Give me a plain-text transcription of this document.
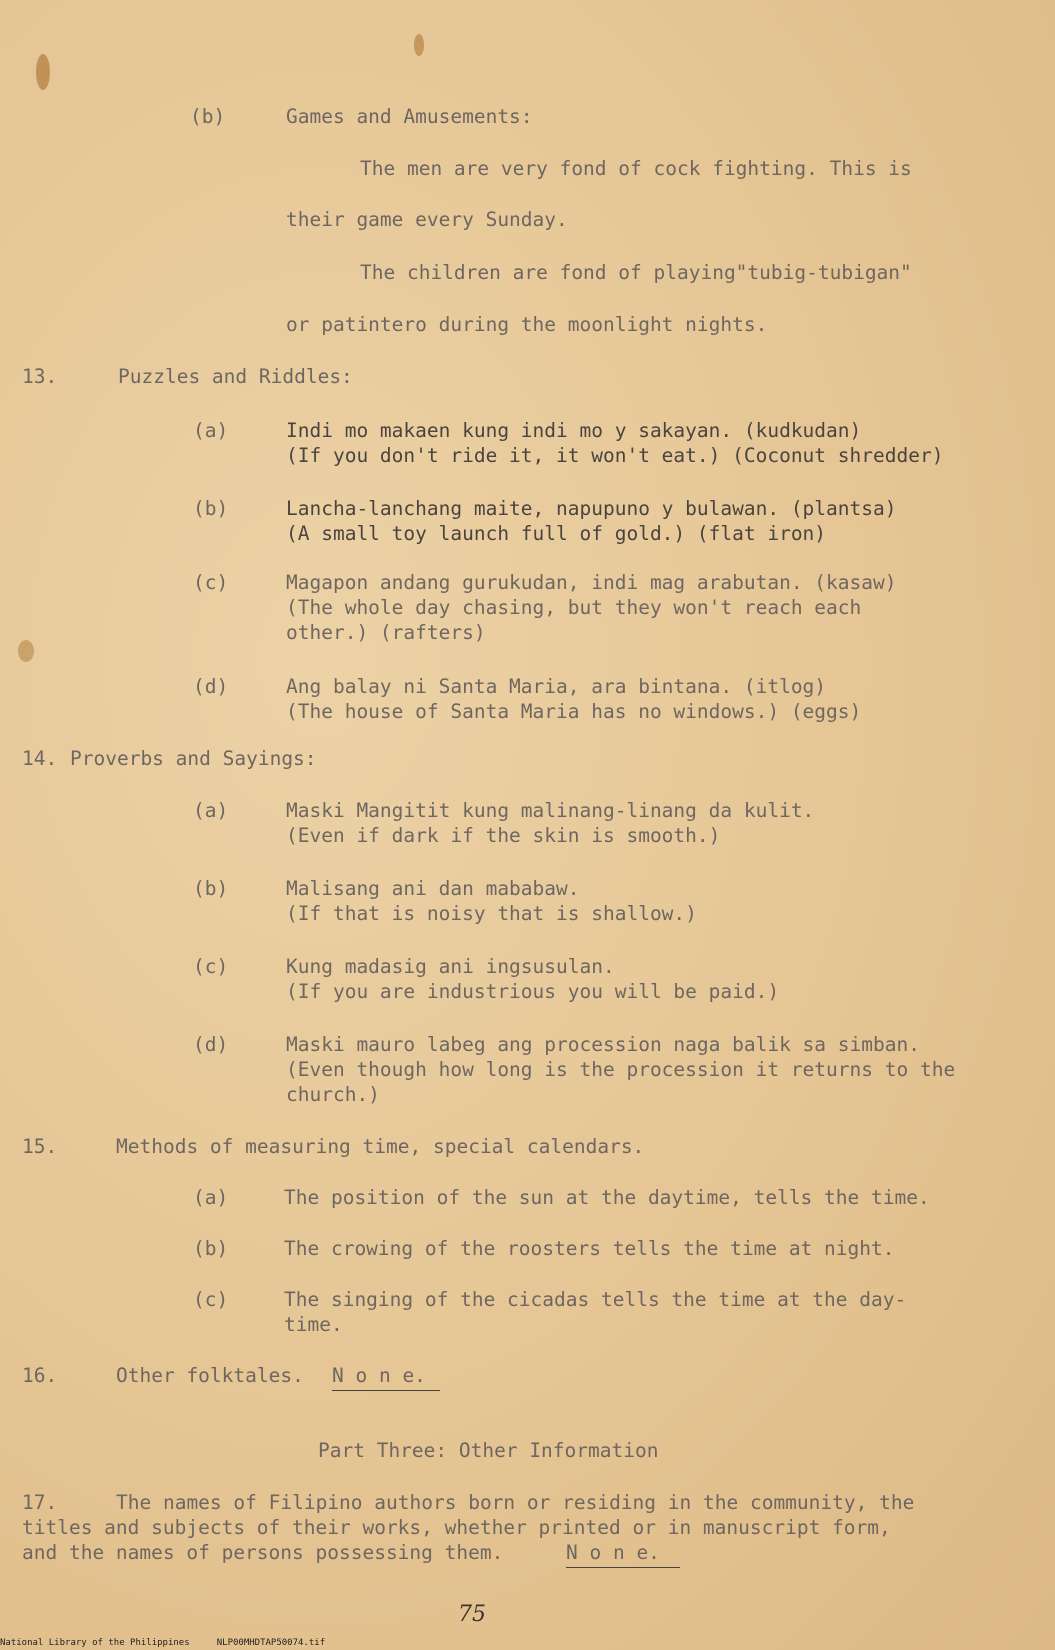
(b)	Games and Amusements:
The men are very fond of cock fighting. This is
their game every Sunday.
The children are fond of playing"tubig-tubigan"
or patintero during the moonlight nights.
13.	Puzzles and Riddles:
(a)	Indi mo makaen kung indi mo y sakayan. (kudkudan)
(If you don't ride it, it won't eat.) (Coconut shredder)
(b)	Lancha-lanchang maite, napupuno y bulawan. (plantsa)
(A small toy launch full of gold.) (flat iron)
(c)	Magapon andang gurukudan, indi mag arabutan. (kasaw)
(The whole day chasing, but they won't reach each
other.) (rafters)
(d)	Ang balay ni Santa Maria, ara bintana. (itlog)
(The house of Santa Maria has no windows.) (eggs)
14. Proverbs and Sayings:
(a)	Maski Mangitit kung malinang-linang da kulit.
(Even if dark if the skin is smooth.)
(b)	Malisang ani dan mababaw.
(If that is noisy that is shallow.)
(c)	Kung madasig ani ingsusulan.
(If you are industrious you will be paid.)
(d)	Maski mauro labeg ang procession naga balik sa simban.
(Even though how long is the procession it returns to the
church.)
15.	Methods of measuring time, special calendars.
(a)	The position of the sun at the daytime, tells the time.
(b)	The crowing of the roosters tells the time at night.
(c)	The singing of the cicadas tells the time at the day-
time.
16.	Other folktales. N o n e.
Part Three: Other Information
17.	The names of Filipino authors born or residing in the community, the
titles and subjects of their works, whether printed or in manuscript form,
and the names of persons possessing them.	N o n e.
75
National Library of the Philippines     NLP00MHDTAP50074.tif
